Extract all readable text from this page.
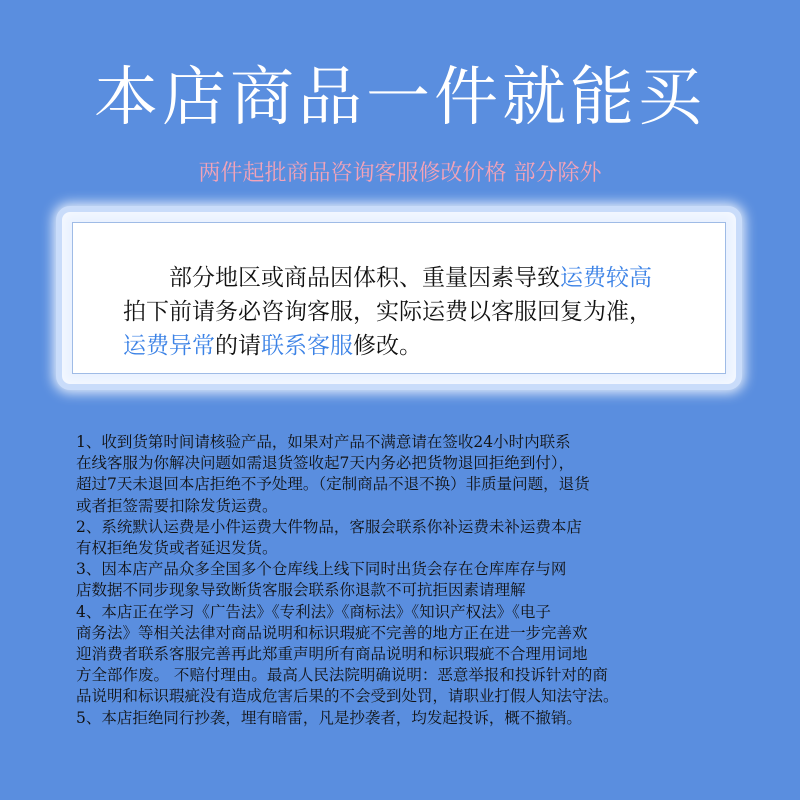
本店商品一件就能买
两件起批商品咨询客服修改价格 部分除外
部分地区或商品因体积、重量因素导致运费较高
拍下前请务必咨询客服，实际运费以客服回复为准，
运费异常的请联系客服修改。
1、收到货第时间请核验产品，如果对产品不满意请在签收24小时内联系
在线客服为你解决问题如需退货签收起7天内务必把货物退回拒绝到付），
超过7天未退回本店拒绝不予处理。（定制商品不退不换）非质量问题，退货
或者拒签需要扣除发货运费。
2、系统默认运费是小件运费大件物品，客服会联系你补运费未补运费本店
有权拒绝发货或者延迟发货。
3、因本店产品众多全国多个仓库线上线下同时出货会存在仓库库存与网
店数据不同步现象导致断货客服会联系你退款不可抗拒因素请理解
4、本店正在学习《广告法》《专利法》《商标法》《知识产权法》《电子
商务法》等相关法律对商品说明和标识瑕疵不完善的地方正在进一步完善欢
迎消费者联系客服完善再此郑重声明所有商品说明和标识瑕疵不合理用词地
方全部作废。 不赔付理由。最高人民法院明确说明：恶意举报和投诉针对的商
品说明和标识瑕疵没有造成危害后果的不会受到处罚，请职业打假人知法守法。
5、本店拒绝同行抄袭，埋有暗雷，凡是抄袭者，均发起投诉，概不撤销。
